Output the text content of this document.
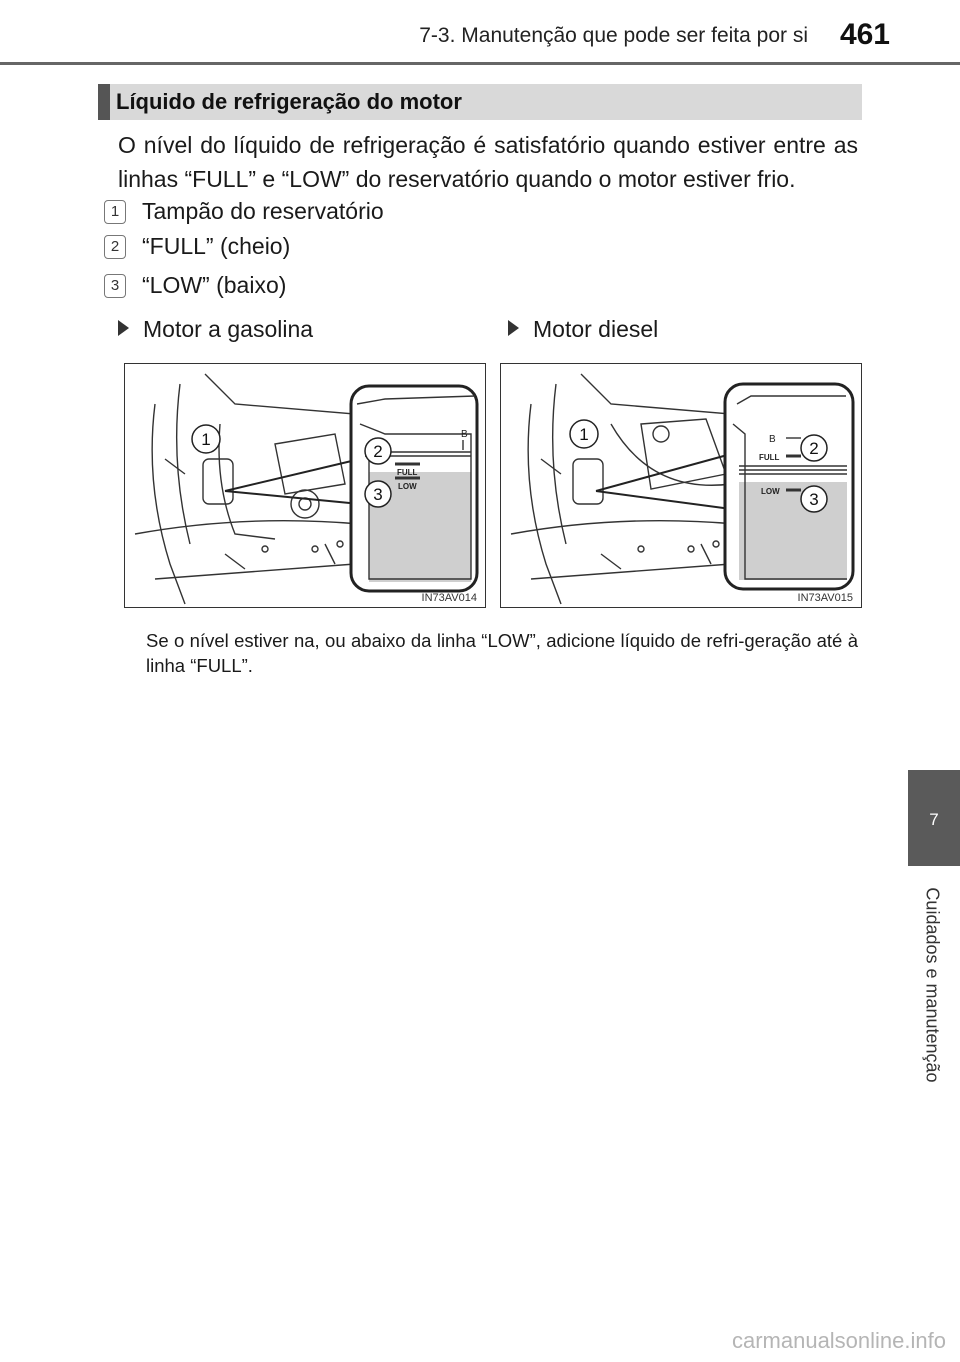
7-3. Manutenção que pode ser feita por si 461
Líquido de refrigeração do motor
O nível do líquido de refrigeração é satisfatório quando estiver entre as linhas “FULL” e “LOW” do reservatório quando o motor estiver frio.
1 Tampão do reservatório
2 “FULL” (cheio)
3 “LOW” (baixo)
Motor a gasolina	Motor diesel
1
2
3
B
FULL
LOW
IN73AV014
1
2
3
B
FULL
LOW
IN73AV015
Se o nível estiver na, ou abaixo da linha “LOW”, adicione líquido de refri-geração até à linha “FULL”.
7
Cuidados e manutenção
carmanualsonline.info
